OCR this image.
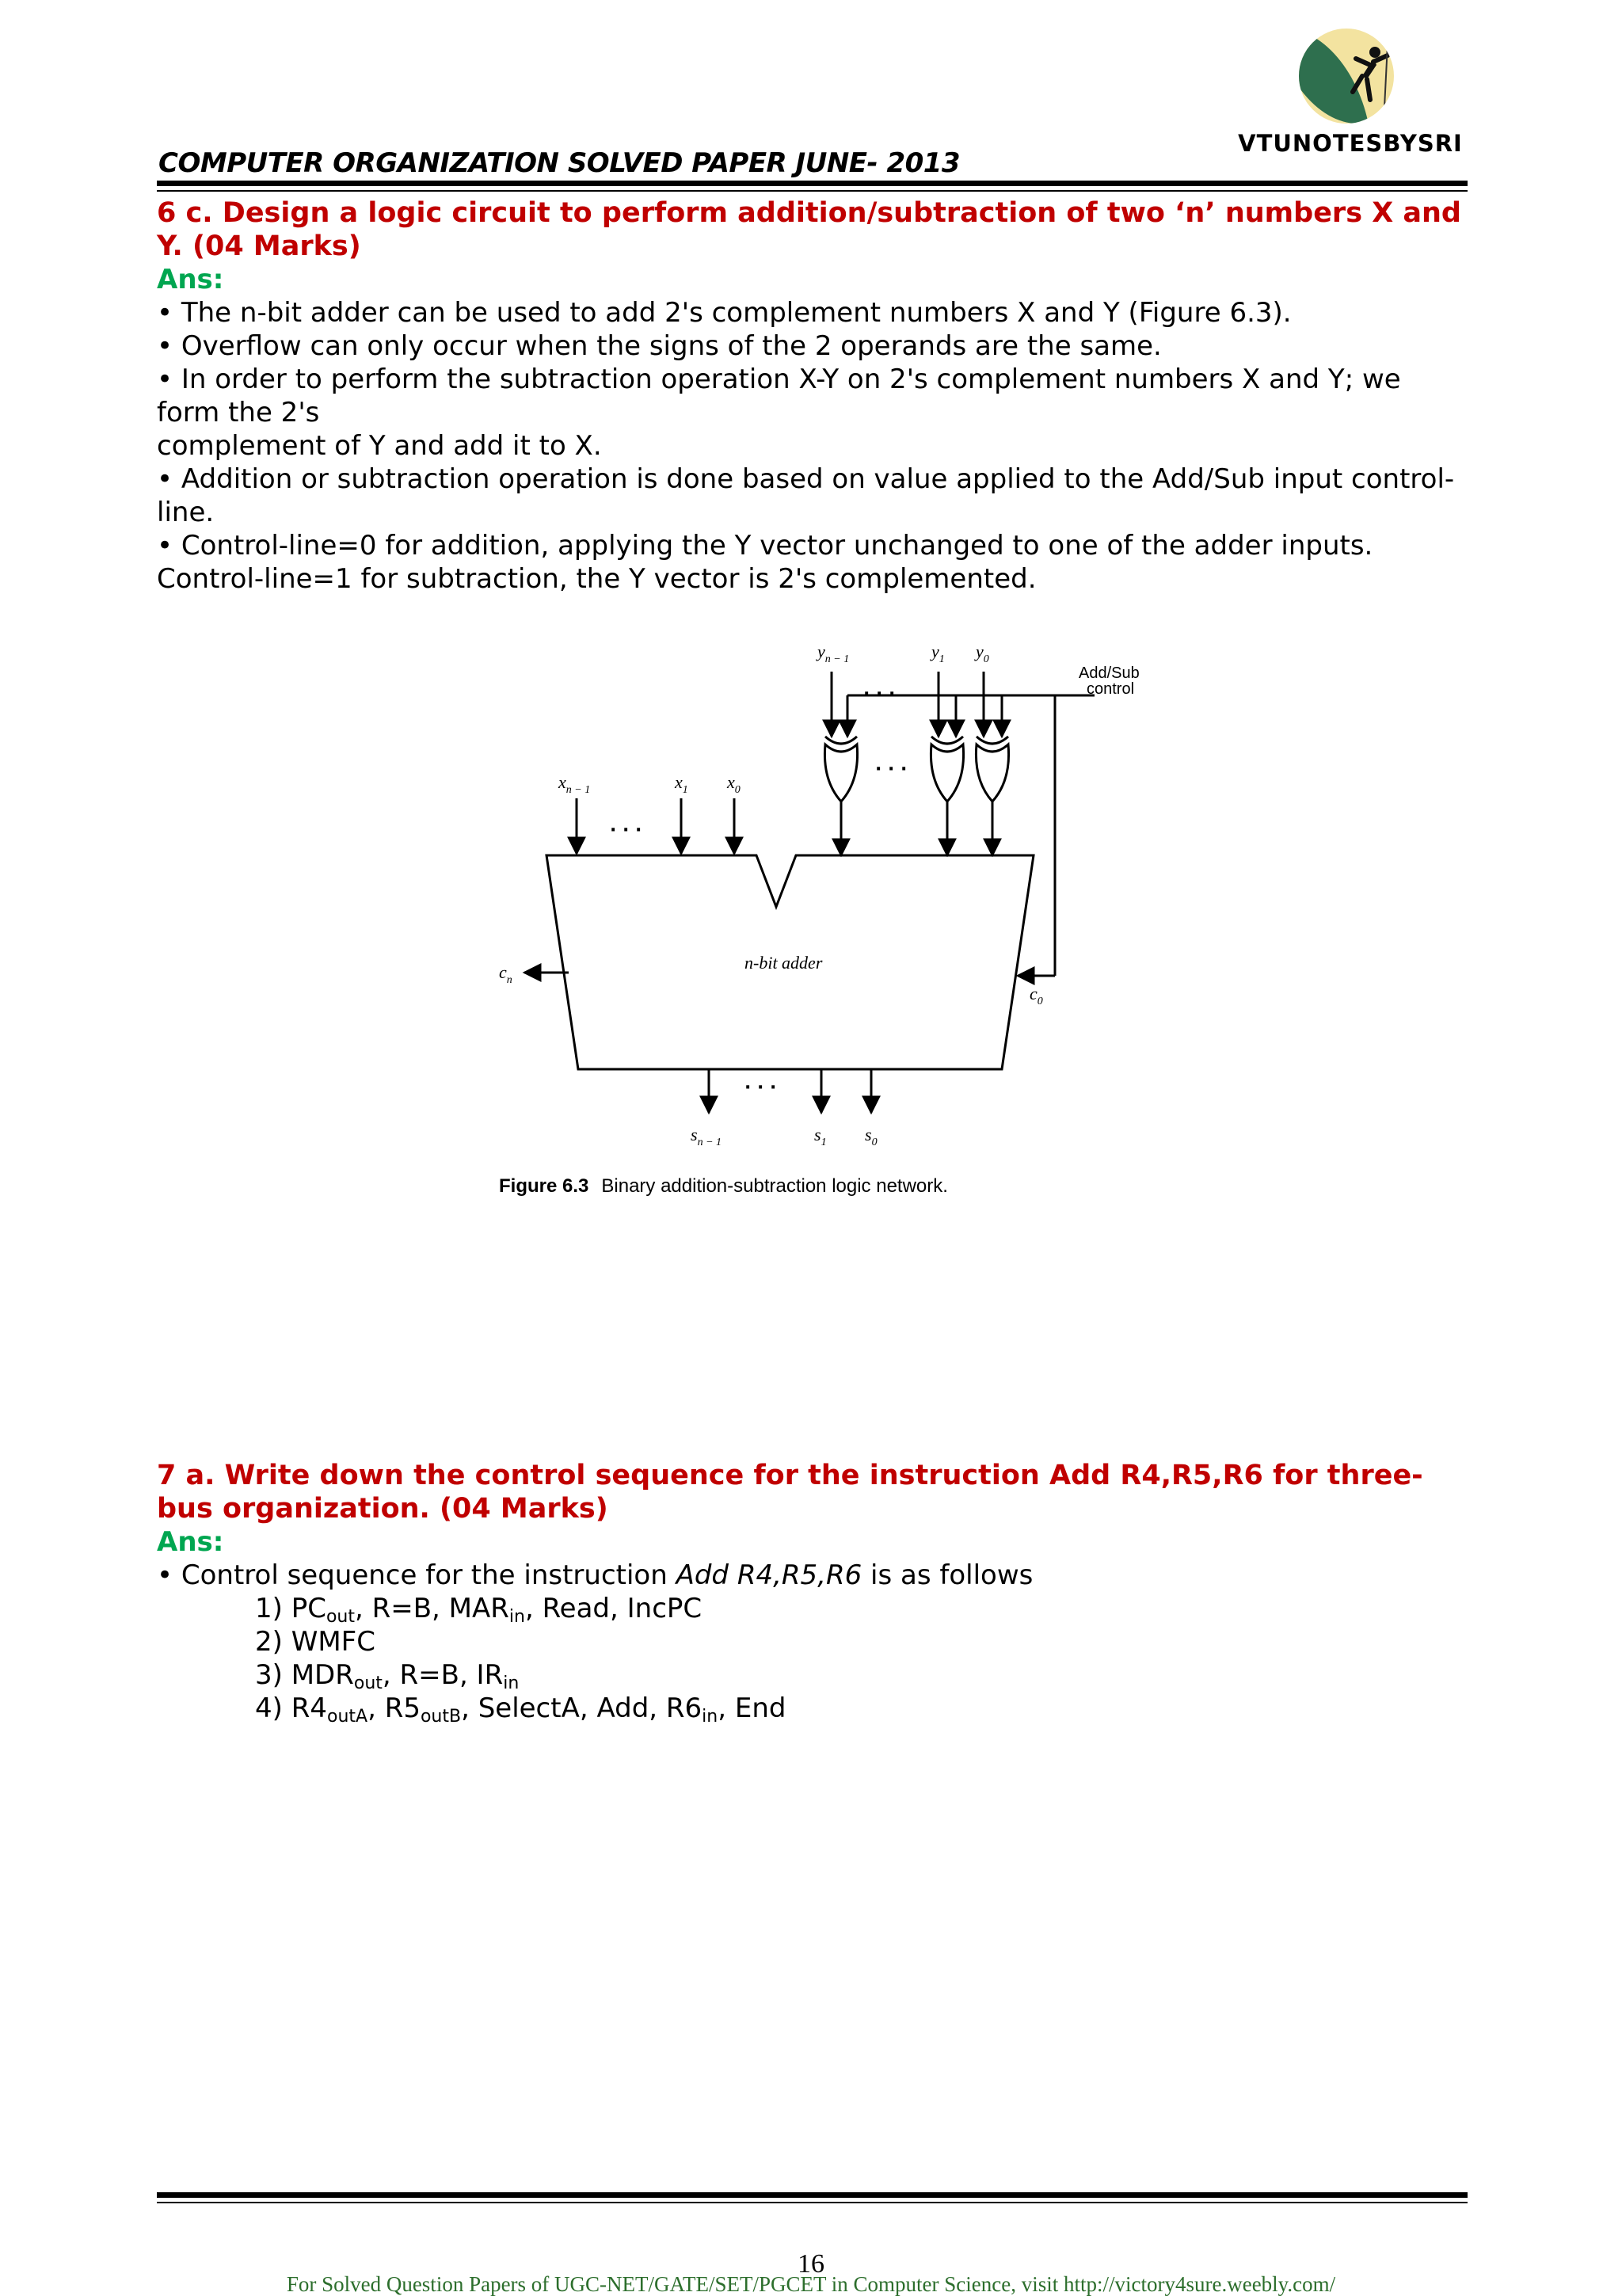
VTUNOTESBYSRI
COMPUTER ORGANIZATION SOLVED PAPER JUNE- 2013

6 c. Design a logic circuit to perform addition/subtraction of two ‘n’ numbers X and Y. (04 Marks)

Ans:

• The n-bit adder can be used to add 2's complement numbers X and Y (Figure 6.3).

• Overflow can only occur when the signs of the 2 operands are the same.

• In order to perform the subtraction operation X-Y on 2's complement numbers X and Y; we form the 2's

complement of Y and add it to X.

• Addition or subtraction operation is done based on value applied to the Add/Sub input control-line.

• Control-line=0 for addition, applying the Y vector unchanged to one of the adder inputs.

Control-line=1 for subtraction, the Y vector is 2's complemented.

7 a. Write down the control sequence for the instruction Add R4,R5,R6 for three- bus organization. (04 Marks)

Ans:

• Control sequence for the instruction Add R4,R5,R6 is as follows

1) $PC_{out}$, R=B, $MAR_{in}$, Read, IncPC

2) WMFC

3) $MDR_{out}$, R=B, $IR_{in}$

4) $R4_{outA}$, $R5_{outB}$, SelectA, Add, $R6_{in}$, End

$y_{n - 1}$	$y_1$ $y_0$
$x_{n - 1}$	$x_1$ $x_0$
$c_n$
$c_0$
$s_{n - 1}$	$s_1$ $s_0$
n-bit adder
Add/Sub
control
· · ·
· · ·
· · ·
· · ·
Figure 6.3 Binary addition-subtraction logic network.
16
For Solved Question Papers of UGC-NET/GATE/SET/PGCET in Computer Science, visit http://victory4sure.weebly.com/
